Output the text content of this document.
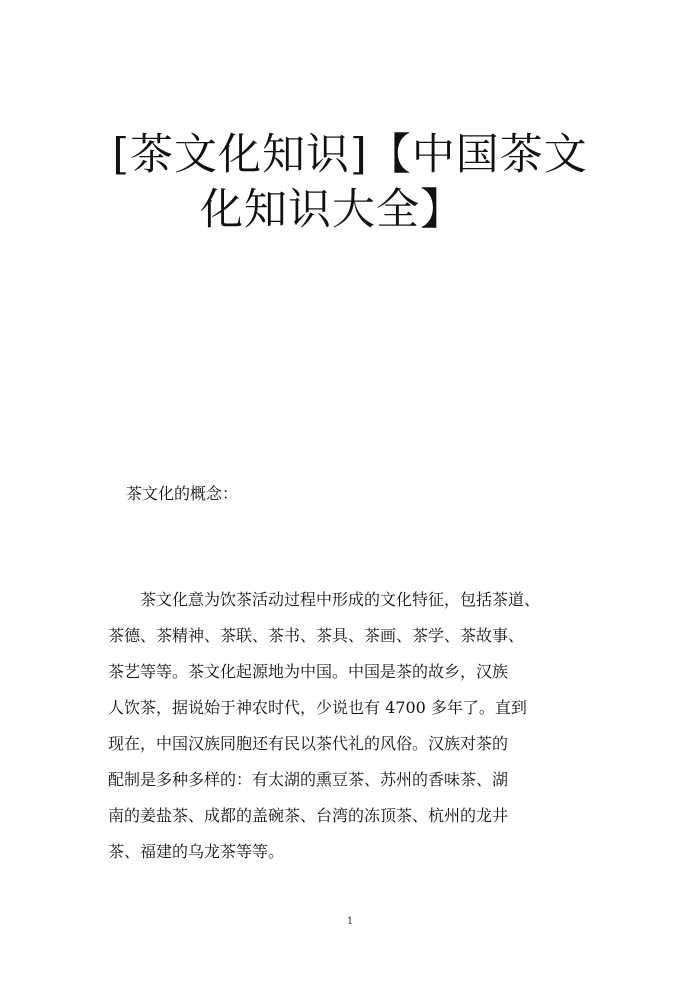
[茶文化知识]【中国茶文
化知识大全】

茶文化的概念：

　　茶文化意为饮茶活动过程中形成的文化特征，包括茶道、

茶德、茶精神、茶联、茶书、茶具、茶画、茶学、茶故事、

茶艺等等。茶文化起源地为中国。中国是茶的故乡，汉族

人饮茶，据说始于神农时代，少说也有 4700 多年了。直到

现在，中国汉族同胞还有民以茶代礼的风俗。汉族对茶的

配制是多种多样的：有太湖的熏豆茶、苏州的香味茶、湖

南的姜盐茶、成都的盖碗茶、台湾的冻顶茶、杭州的龙井

茶、福建的乌龙茶等等。

1
